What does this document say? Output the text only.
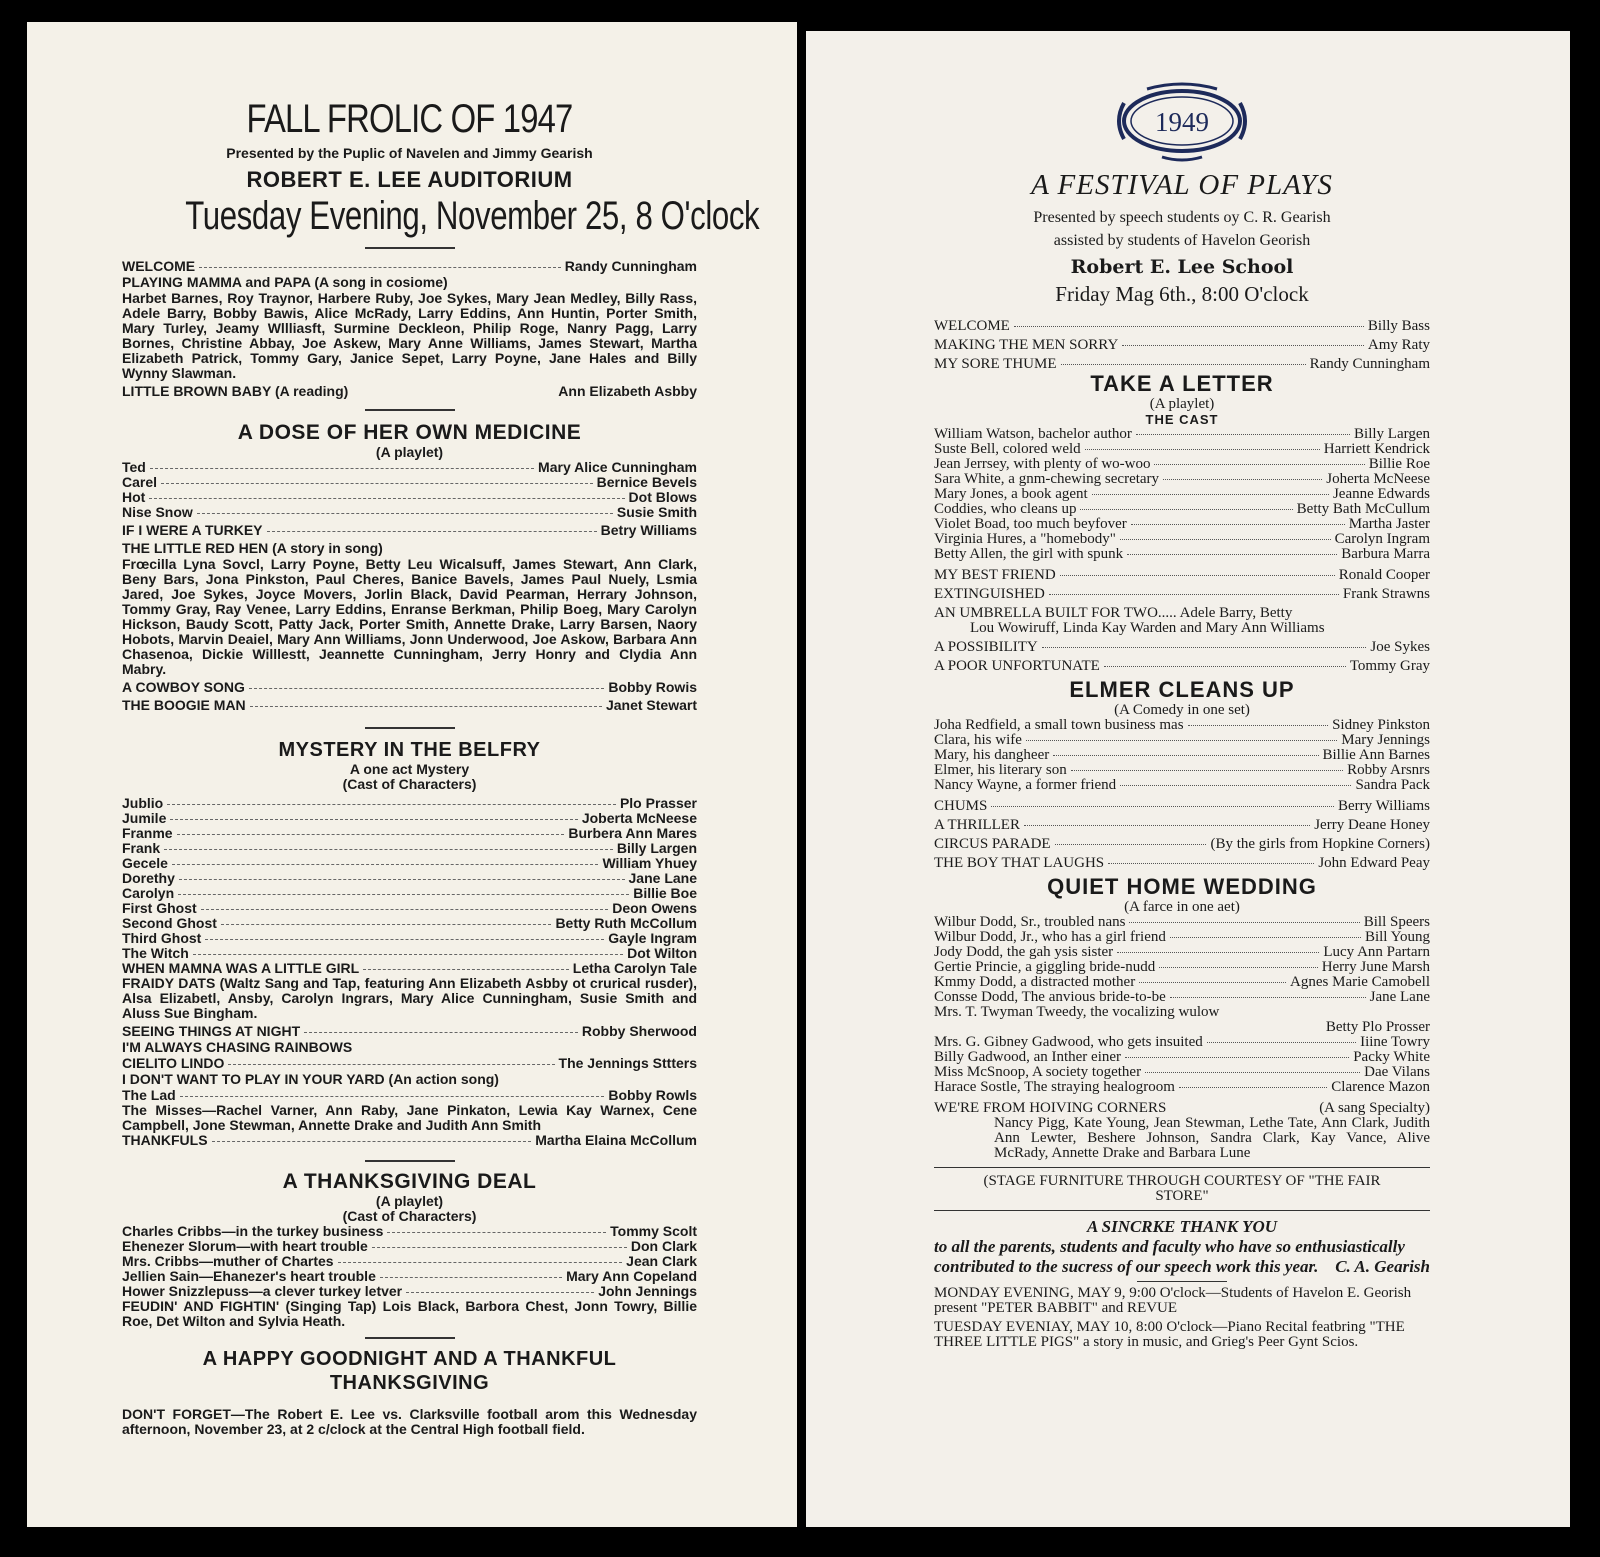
FALL FROLIC OF 1947
Presented by the Puplic of Navelen and Jimmy Gearish
ROBERT E. LEE AUDITORIUM
Tuesday Evening, November 25, 8 O'clock
WELCOME	Randy Cunningham
PLAYING MAMMA and PAPA (A song in cosiome)
Harbet Barnes, Roy Traynor, Harbere Ruby, Joe Sykes, Mary Jean Medley, Billy Rass, Adele Barry, Bobby Bawis, Alice McRady, Larry Eddins, Ann Huntin, Porter Smith, Mary Turley, Jeamy Wllliasft, Surmine Deckleon, Philip Roge, Nanry Pagg, Larry Bornes, Christine Abbay, Joe Askew, Mary Anne Williams, James Stewart, Martha Elizabeth Patrick, Tommy Gary, Janice Sepet, Larry Poyne, Jane Hales and Billy Wynny Slawman.
LITTLE BROWN BABY (A reading)	Ann Elizabeth Asbby
A DOSE OF HER OWN MEDICINE
(A playlet)
Ted	Mary Alice Cunningham
Carel	Bernice Bevels
Hot	Dot Blows
Nise Snow	Susie Smith
IF I WERE A TURKEY	Betry Williams
THE LITTLE RED HEN (A story in song)
Frœcilla Lyna Sovcl, Larry Poyne, Betty Leu Wicalsuff, James Stewart, Ann Clark, Beny Bars, Jona Pinkston, Paul Cheres, Banice Bavels, James Paul Nuely, Lsmia Jared, Joe Sykes, Joyce Movers, Jorlin Black, David Pearman, Herrary Johnson, Tommy Gray, Ray Venee, Larry Eddins, Enranse Berkman, Philip Boeg, Mary Carolyn Hickson, Baudy Scott, Patty Jack, Porter Smith, Annette Drake, Larry Barsen, Naory Hobots, Marvin Deaiel, Mary Ann Williams, Jonn Underwood, Joe Askow, Barbara Ann Chasenoa, Dickie Willlestt, Jeannette Cunningham, Jerry Honry and Clydia Ann Mabry.
A COWBOY SONG	Bobby Rowis
THE BOOGIE MAN	Janet Stewart
MYSTERY IN THE BELFRY
A one act Mystery
(Cast of Characters)
Jublio	Plo Prasser
Jumile	Joberta McNeese
Franme	Burbera Ann Mares
Frank	Billy Largen
Gecele	William Yhuey
Dorethy	Jane Lane
Carolyn	Billie Boe
First Ghost	Deon Owens
Second Ghost	Betty Ruth McCollum
Third Ghost	Gayle Ingram
The Witch	Dot Wilton
WHEN MAMNA WAS A LITTLE GIRL	Letha Carolyn Tale
FRAIDY DATS (Waltz Sang and Tap, featuring Ann Elizabeth Asbby ot crurical rusder), Alsa Elizabetl, Ansby, Carolyn Ingrars, Mary Alice Cunningham, Susie Smith and Aluss Sue Bingham.
SEEING THINGS AT NIGHT	Robby Sherwood
I'M ALWAYS CHASING RAINBOWS
CIELITO LINDO	The Jennings Sttters
I DON'T WANT TO PLAY IN YOUR YARD (An action song)
The Lad	Bobby Rowls
The Misses—Rachel Varner, Ann Raby, Jane Pinkaton, Lewia Kay Warnex, Cene Campbell, Jone Stewman, Annette Drake and Judith Ann Smith
THANKFULS	Martha Elaina McCollum
A THANKSGIVING DEAL
(A playlet)
(Cast of Characters)
Charles Cribbs—in the turkey business	Tommy Scolt
Ehenezer Slorum—with heart trouble	Don Clark
Mrs. Cribbs—muther of Chartes	Jean Clark
Jellien Sain—Ehanezer's heart trouble	Mary Ann Copeland
Hower Snizzlepuss—a clever turkey letver	John Jennings
FEUDIN' AND FIGHTIN' (Singing Tap) Lois Black, Barbora Chest, Jonn Towry, Billie Roe, Det Wilton and Sylvia Heath.
A HAPPY GOODNIGHT AND A THANKFUL THANKSGIVING
DON'T FORGET—The Robert E. Lee vs. Clarksville football arom this Wednesday afternoon, November 23, at 2 c/clock at the Central High football field.
1949
A FESTIVAL OF PLAYS
Presented by speech students oy C. R. Gearish
assisted by students of Havelon Georish
Robert E. Lee School
Friday Mag 6th., 8:00 O'clock
WELCOME	Billy Bass
MAKING THE MEN SORRY	Amy Raty
MY SORE THUME	Randy Cunningham
TAKE A LETTER
(A playlet)
THE CAST
William Watson, bachelor author	Billy Largen
Suste Bell, colored weld	Harriett Kendrick
Jean Jerrsey, with plenty of wo-woo	Billie Roe
Sara White, a gnm-chewing secretary	Joherta McNeese
Mary Jones, a book agent	Jeanne Edwards
Coddies, who cleans up	Betty Bath McCullum
Violet Boad, too much beyfover	Martha Jaster
Virginia Hures, a "homebody"	Carolyn Ingram
Betty Allen, the girl with spunk	Barbura Marra
MY BEST FRIEND	Ronald Cooper
EXTINGUISHED	Frank Strawns
AN UMBRELLA BUILT FOR TWO..... Adele Barry, Betty
Lou Wowiruff, Linda Kay Warden and Mary Ann Williams
A POSSIBILITY	Joe Sykes
A POOR UNFORTUNATE	Tommy Gray
ELMER CLEANS UP
(A Comedy in one set)
Joha Redfield, a small town business mas	Sidney Pinkston
Clara, his wife	Mary Jennings
Mary, his dangheer	Billie Ann Barnes
Elmer, his literary son	Robby Arsnrs
Nancy Wayne, a former friend	Sandra Pack
CHUMS	Berry Williams
A THRILLER	Jerry Deane Honey
CIRCUS PARADE	(By the girls from Hopkine Corners)
THE BOY THAT LAUGHS	John Edward Peay
QUIET HOME WEDDING
(A farce in one aet)
Wilbur Dodd, Sr., troubled nans	Bill Speers
Wilbur Dodd, Jr., who has a girl friend	Bill Young
Jody Dodd, the gah ysis sister	Lucy Ann Partarn
Gertie Princie, a giggling bride-nudd	Herry June Marsh
Kmmy Dodd, a distracted mother	Agnes Marie Camobell
Consse Dodd, The anvious bride-to-be	Jane Lane
Mrs. T. Twyman Tweedy, the vocalizing wulow
Betty Plo Prosser
Mrs. G. Gibney Gadwood, who gets insuited	Iiine Towry
Billy Gadwood, an Inther einer	Packy White
Miss McSnoop, A society together	Dae Vilans
Harace Sostle, The straying healogroom	Clarence Mazon
WE'RE FROM HOIVING CORNERS	(A sang Specialty)
Nancy Pigg, Kate Young, Jean Stewman, Lethe Tate, Ann Clark, Judith Ann Lewter, Beshere Johnson, Sandra Clark, Kay Vance, Alive McRady, Annette Drake and Barbara Lune
(STAGE FURNITURE THROUGH COURTESY OF "THE FAIR STORE"
A SINCRKE THANK YOU
to all the parents, students and faculty who have so enthusiastically contributed to the sucress of our speech work this year. C. A. Gearish
MONDAY EVENING, MAY 9, 9:00 O'clock—Students of Havelon E. Georish present "PETER BABBIT" and REVUE
TUESDAY EVENIAY, MAY 10, 8:00 O'clock—Piano Recital featbring "THE THREE LITTLE PIGS" a story in music, and Grieg's Peer Gynt Scios.
